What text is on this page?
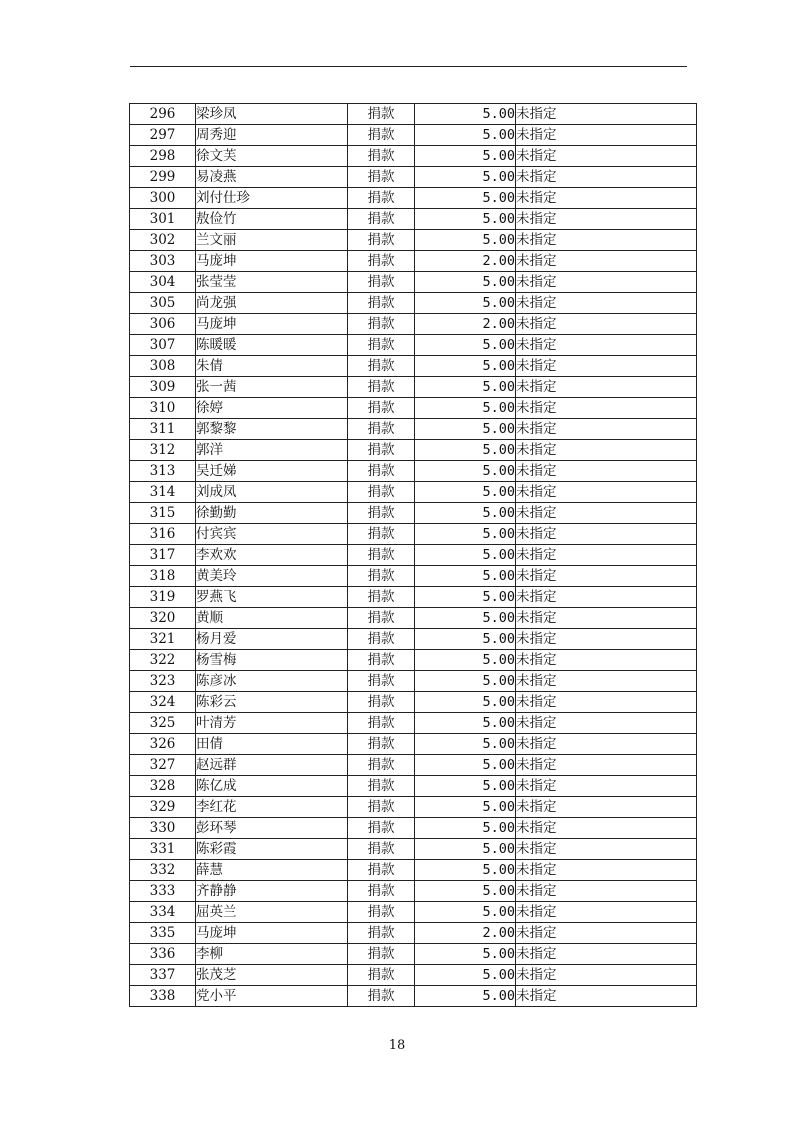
296	梁珍凤	捐款	5.00	未指定
297	周秀迎	捐款	5.00	未指定
298	徐文芙	捐款	5.00	未指定
299	易凌燕	捐款	5.00	未指定
300	刘付仕珍	捐款	5.00	未指定
301	敖俭竹	捐款	5.00	未指定
302	兰文丽	捐款	5.00	未指定
303	马庞坤	捐款	2.00	未指定
304	张莹莹	捐款	5.00	未指定
305	尚龙强	捐款	5.00	未指定
306	马庞坤	捐款	2.00	未指定
307	陈暖暖	捐款	5.00	未指定
308	朱倩	捐款	5.00	未指定
309	张一茜	捐款	5.00	未指定
310	徐婷	捐款	5.00	未指定
311	郭黎黎	捐款	5.00	未指定
312	郭洋	捐款	5.00	未指定
313	吴迁娣	捐款	5.00	未指定
314	刘成凤	捐款	5.00	未指定
315	徐勤勤	捐款	5.00	未指定
316	付宾宾	捐款	5.00	未指定
317	李欢欢	捐款	5.00	未指定
318	黄美玲	捐款	5.00	未指定
319	罗燕飞	捐款	5.00	未指定
320	黄顺	捐款	5.00	未指定
321	杨月爱	捐款	5.00	未指定
322	杨雪梅	捐款	5.00	未指定
323	陈彦冰	捐款	5.00	未指定
324	陈彩云	捐款	5.00	未指定
325	叶清芳	捐款	5.00	未指定
326	田倩	捐款	5.00	未指定
327	赵远群	捐款	5.00	未指定
328	陈亿成	捐款	5.00	未指定
329	李红花	捐款	5.00	未指定
330	彭环琴	捐款	5.00	未指定
331	陈彩霞	捐款	5.00	未指定
332	薛慧	捐款	5.00	未指定
333	齐静静	捐款	5.00	未指定
334	屈英兰	捐款	5.00	未指定
335	马庞坤	捐款	2.00	未指定
336	李柳	捐款	5.00	未指定
337	张茂芝	捐款	5.00	未指定
338	党小平	捐款	5.00	未指定
18
